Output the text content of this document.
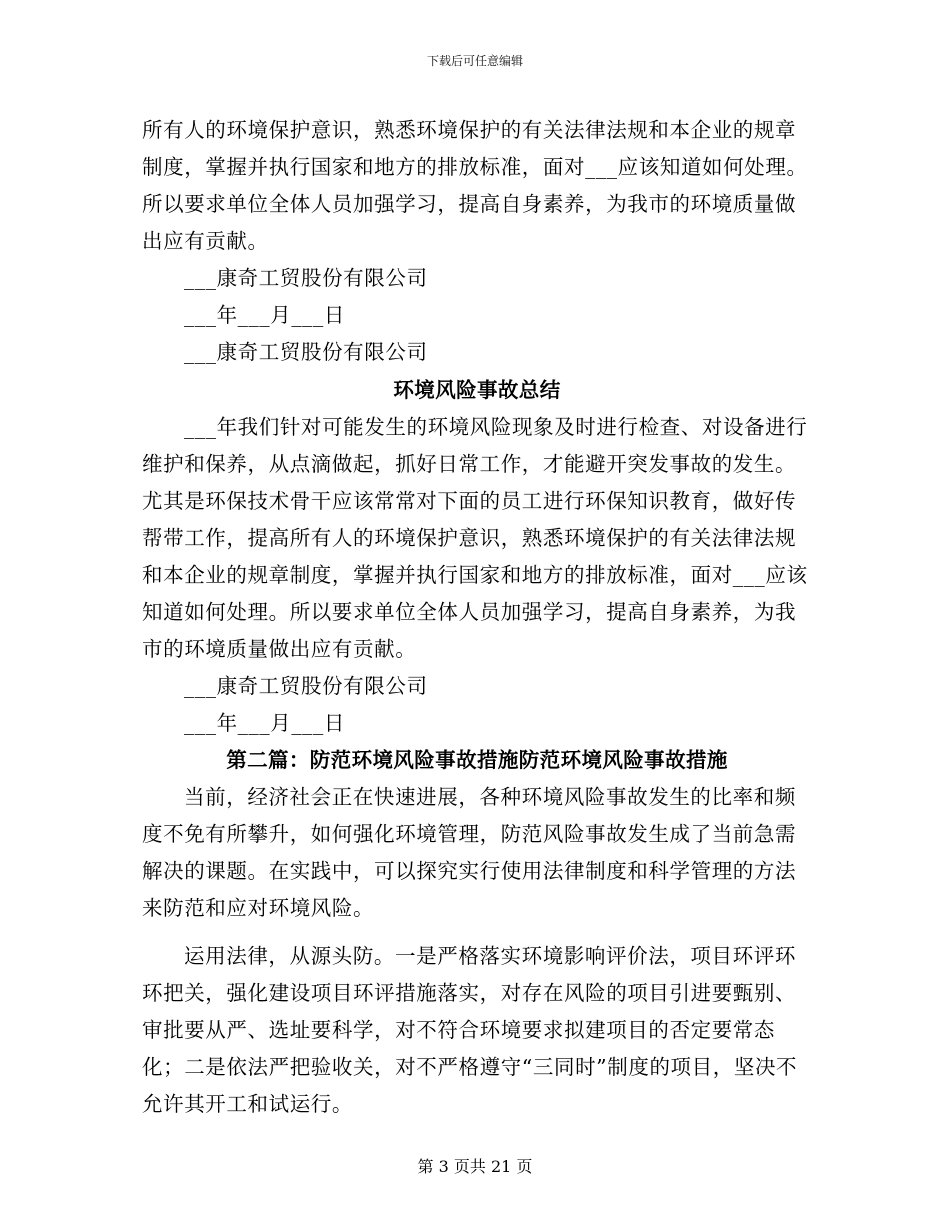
下载后可任意编辑

所有人的环境保护意识，熟悉环境保护的有关法律法规和本企业的规章制度，掌握并执行国家和地方的排放标准，面对___应该知道如何处理。所以要求单位全体人员加强学习，提高自身素养，为我市的环境质量做出应有贡献。

___康奇工贸股份有限公司

___年___月___日

___康奇工贸股份有限公司

环境风险事故总结

___年我们针对可能发生的环境风险现象及时进行检查、对设备进行维护和保养，从点滴做起，抓好日常工作，才能避开突发事故的发生。尤其是环保技术骨干应该常常对下面的员工进行环保知识教育，做好传帮带工作，提高所有人的环境保护意识，熟悉环境保护的有关法律法规和本企业的规章制度，掌握并执行国家和地方的排放标准，面对___应该知道如何处理。所以要求单位全体人员加强学习，提高自身素养，为我市的环境质量做出应有贡献。

___康奇工贸股份有限公司

___年___月___日

第二篇：防范环境风险事故措施防范环境风险事故措施

当前，经济社会正在快速进展，各种环境风险事故发生的比率和频度不免有所攀升，如何强化环境管理，防范风险事故发生成了当前急需解决的课题。在实践中，可以探究实行使用法律制度和科学管理的方法来防范和应对环境风险。

运用法律，从源头防。一是严格落实环境影响评价法，项目环评环环把关，强化建设项目环评措施落实，对存在风险的项目引进要甄别、审批要从严、选址要科学，对不符合环境要求拟建项目的否定要常态化；二是依法严把验收关，对不严格遵守“三同时”制度的项目，坚决不允许其开工和试运行。

第 3 页共 21 页
